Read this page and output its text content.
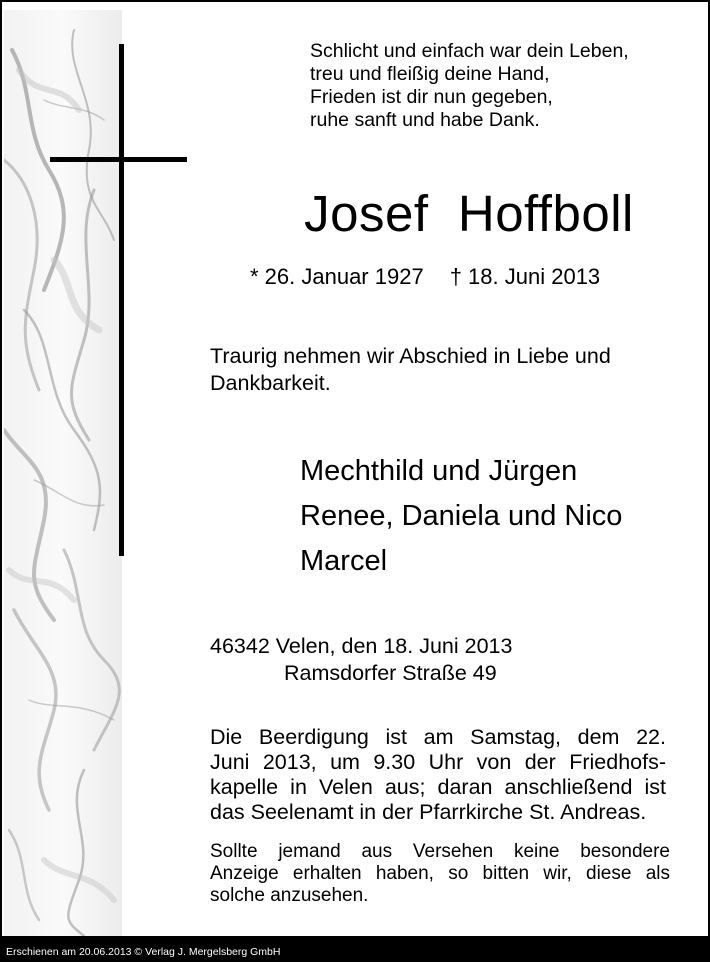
Schlicht und einfach war dein Leben,
treu und fleißig deine Hand,
Frieden ist dir nun gegeben,
ruhe sanft und habe Dank.
Josef  Hoffboll
* 26. Januar 1927 † 18. Juni 2013
Traurig nehmen wir Abschied in Liebe und
Dankbarkeit.
Mechthild und Jürgen
Renee, Daniela und Nico
Marcel
46342 Velen, den 18. Juni 2013
Ramsdorfer Straße 49
Die Beerdigung ist am Samstag, dem 22.
Juni 2013, um 9.30 Uhr von der Friedhofs-
kapelle in Velen aus; daran anschließend ist
das Seelenamt in der Pfarrkirche St. Andreas.
Sollte jemand aus Versehen keine besondere
Anzeige erhalten haben, so bitten wir, diese als
solche anzusehen.
Erschienen am 20.06.2013 © Verlag J. Mergelsberg GmbH
